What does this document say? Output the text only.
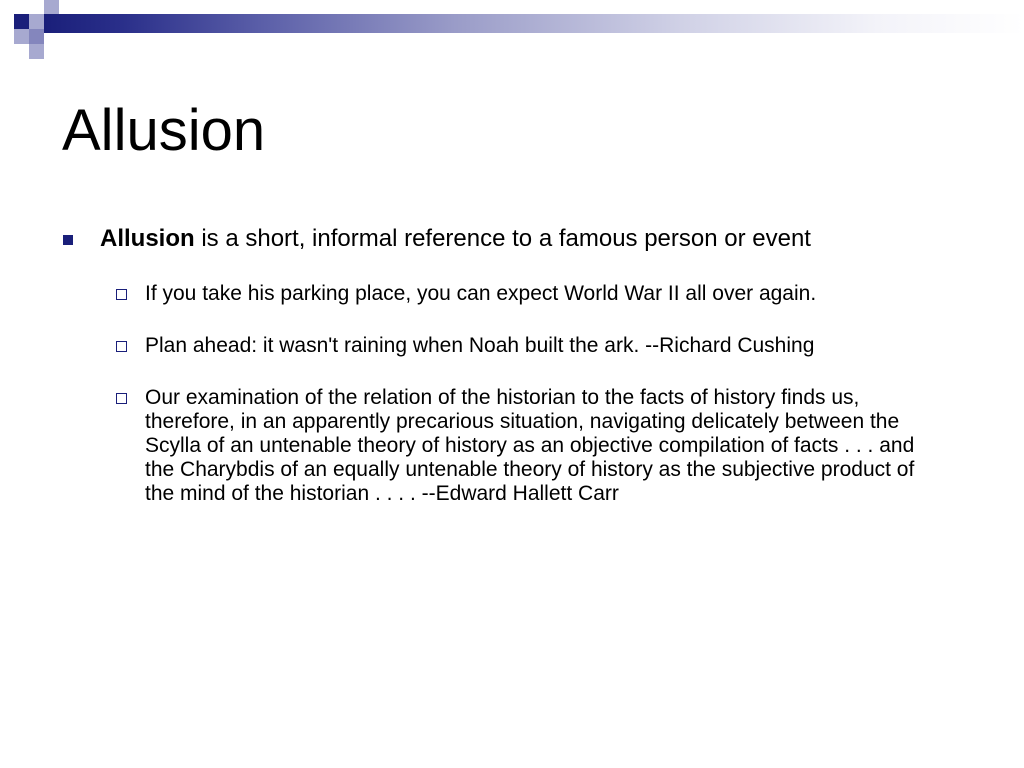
Allusion
Allusion is a short, informal reference to a famous person or event
If you take his parking place, you can expect World War II all over again.
Plan ahead: it wasn't raining when Noah built the ark. --Richard Cushing
Our examination of the relation of the historian to the facts of history finds us, therefore, in an apparently precarious situation, navigating delicately between the Scylla of an untenable theory of history as an objective compilation of facts . . . and the Charybdis of an equally untenable theory of history as the subjective product of the mind of the historian . . . . --Edward Hallett Carr
